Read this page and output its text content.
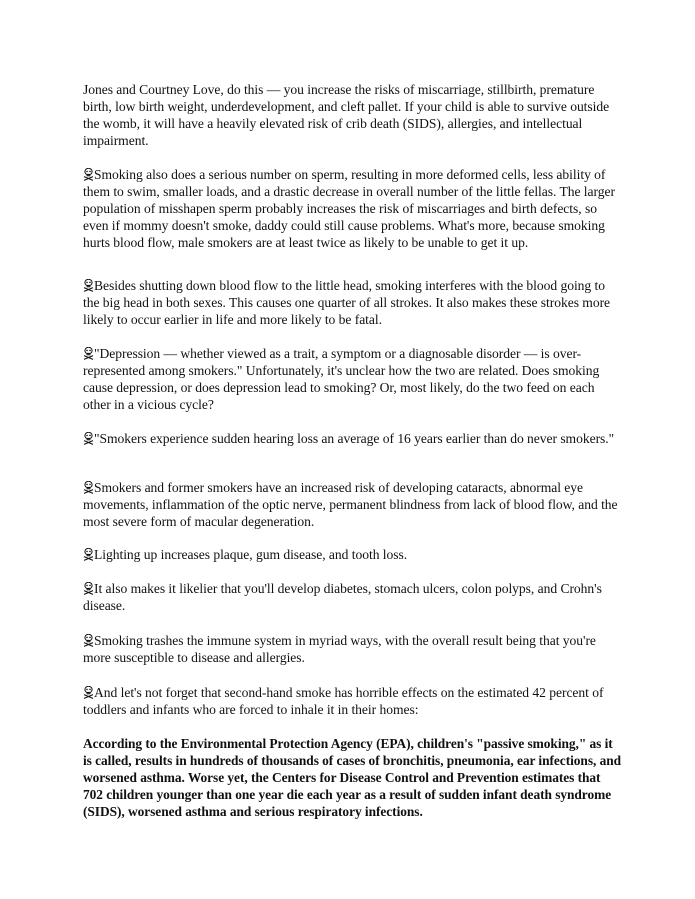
Jones and Courtney Love, do this — you increase the risks of miscarriage, stillbirth, premature birth, low birth weight, underdevelopment, and cleft pallet. If your child is able to survive outside the womb, it will have a heavily elevated risk of crib death (SIDS), allergies, and intellectual impairment.

Smoking also does a serious number on sperm, resulting in more deformed cells, less ability of them to swim, smaller loads, and a drastic decrease in overall number of the little fellas. The larger population of misshapen sperm probably increases the risk of miscarriages and birth defects, so even if mommy doesn't smoke, daddy could still cause problems. What's more, because smoking hurts blood flow, male smokers are at least twice as likely to be unable to get it up.

Besides shutting down blood flow to the little head, smoking interferes with the blood going to the big head in both sexes. This causes one quarter of all strokes. It also makes these strokes more likely to occur earlier in life and more likely to be fatal.

"Depression — whether viewed as a trait, a symptom or a diagnosable disorder — is over-represented among smokers." Unfortunately, it's unclear how the two are related. Does smoking cause depression, or does depression lead to smoking? Or, most likely, do the two feed on each other in a vicious cycle?

"Smokers experience sudden hearing loss an average of 16 years earlier than do never smokers."

Smokers and former smokers have an increased risk of developing cataracts, abnormal eye movements, inflammation of the optic nerve, permanent blindness from lack of blood flow, and the most severe form of macular degeneration.

Lighting up increases plaque, gum disease, and tooth loss.

It also makes it likelier that you'll develop diabetes, stomach ulcers, colon polyps, and Crohn's disease.

Smoking trashes the immune system in myriad ways, with the overall result being that you're more susceptible to disease and allergies.

And let's not forget that second-hand smoke has horrible effects on the estimated 42 percent of toddlers and infants who are forced to inhale it in their homes:

According to the Environmental Protection Agency (EPA), children's "passive smoking," as it is called, results in hundreds of thousands of cases of bronchitis, pneumonia, ear infections, and worsened asthma. Worse yet, the Centers for Disease Control and Prevention estimates that 702 children younger than one year die each year as a result of sudden infant death syndrome (SIDS), worsened asthma and serious respiratory infections.
